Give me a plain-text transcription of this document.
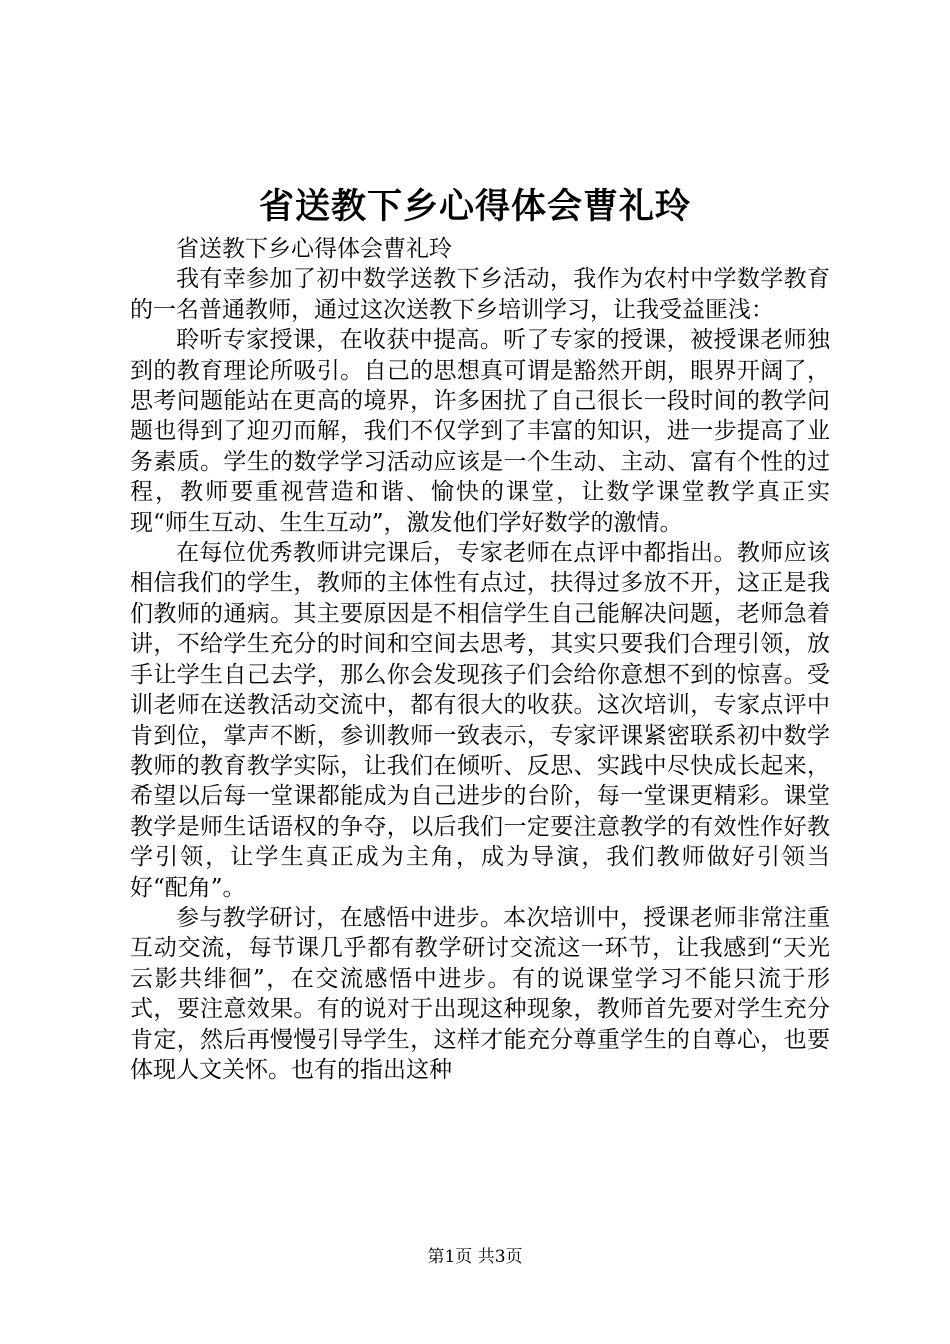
省送教下乡心得体会曹礼玲

省送教下乡心得体会曹礼玲

我有幸参加了初中数学送教下乡活动，我作为农村中学数学教育的一名普通教师，通过这次送教下乡培训学习，让我受益匪浅：

聆听专家授课，在收获中提高。听了专家的授课，被授课老师独到的教育理论所吸引。自己的思想真可谓是豁然开朗，眼界开阔了，思考问题能站在更高的境界，许多困扰了自己很长一段时间的教学问题也得到了迎刃而解，我们不仅学到了丰富的知识，进一步提高了业务素质。学生的数学学习活动应该是一个生动、主动、富有个性的过程，教师要重视营造和谐、愉快的课堂，让数学课堂教学真正实现“师生互动、生生互动”，激发他们学好数学的激情。

在每位优秀教师讲完课后，专家老师在点评中都指出。教师应该相信我们的学生，教师的主体性有点过，扶得过多放不开，这正是我们教师的通病。其主要原因是不相信学生自己能解决问题，老师急着讲，不给学生充分的时间和空间去思考，其实只要我们合理引领，放手让学生自己去学，那么你会发现孩子们会给你意想不到的惊喜。受训老师在送教活动交流中，都有很大的收获。这次培训，专家点评中肯到位，掌声不断，参训教师一致表示，专家评课紧密联系初中数学教师的教育教学实际，让我们在倾听、反思、实践中尽快成长起来，希望以后每一堂课都能成为自己进步的台阶，每一堂课更精彩。课堂教学是师生话语权的争夺，以后我们一定要注意教学的有效性作好教学引领，让学生真正成为主角，成为导演，我们教师做好引领当好“配角”。

参与教学研讨，在感悟中进步。本次培训中，授课老师非常注重互动交流，每节课几乎都有教学研讨交流这一环节，让我感到“天光云影共绯徊”，在交流感悟中进步。有的说课堂学习不能只流于形式，要注意效果。有的说对于出现这种现象，教师首先要对学生充分肯定，然后再慢慢引导学生，这样才能充分尊重学生的自尊心，也要体现人文关怀。也有的指出这种

第1页 共3页
